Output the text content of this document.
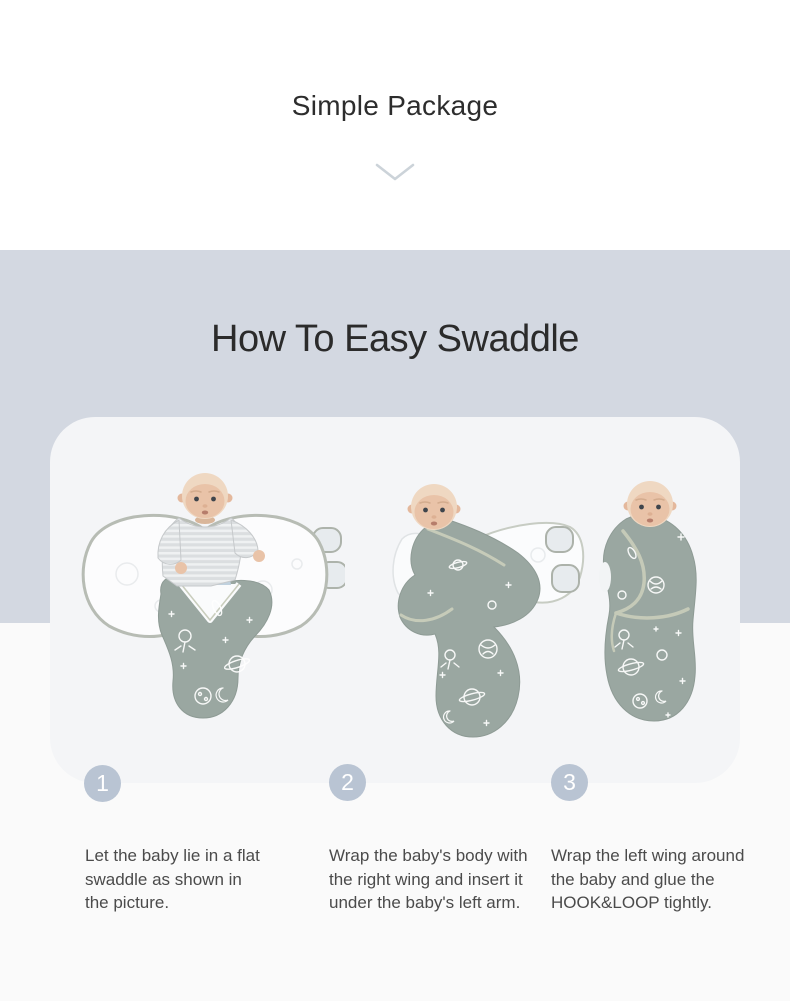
Simple Package
How To Easy Swaddle
1	2	3

Let the baby lie in a flat swaddle as shown in the picture.

Wrap the baby's body with the right wing and insert it under the baby's left arm.

Wrap the left wing around the baby and glue the HOOK&LOOP tightly.
